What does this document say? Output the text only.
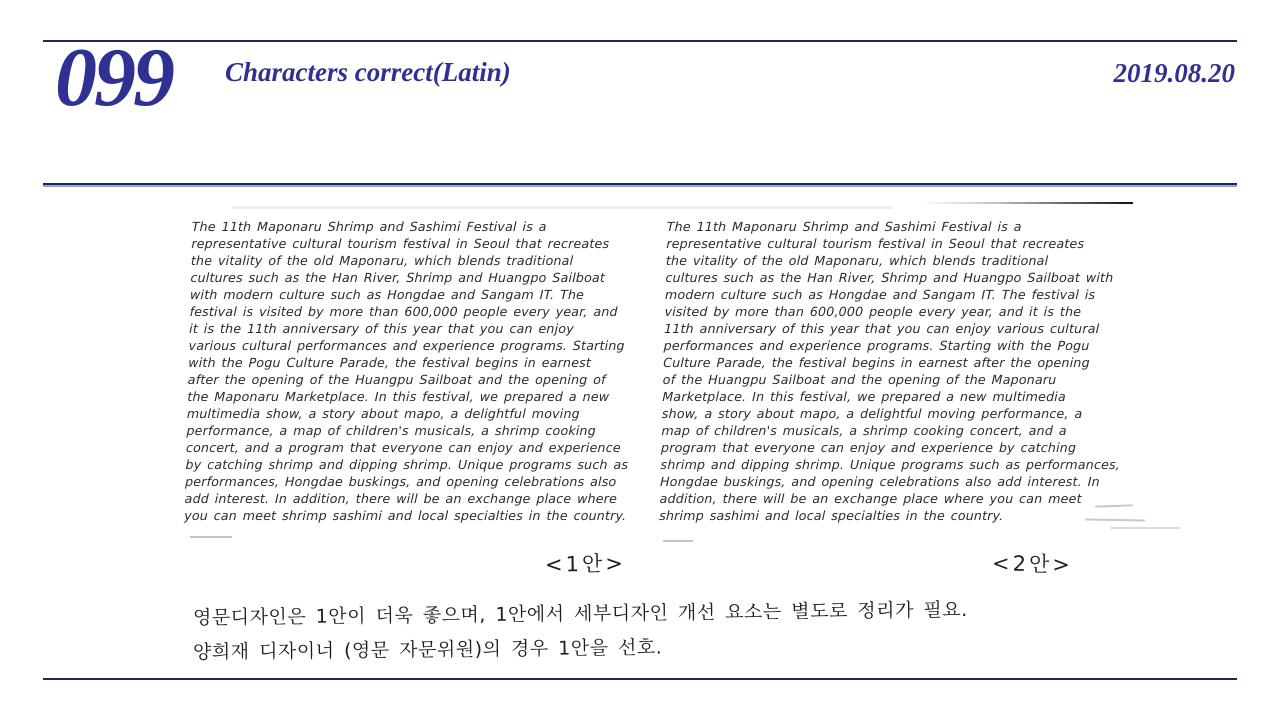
099 Characters correct(Latin)	2019.08.20
The 11th Maponaru Shrimp and Sashimi Festival is a
representative cultural tourism festival in Seoul that recreates
the vitality of the old Maponaru, which blends traditional
cultures such as the Han River, Shrimp and Huangpo Sailboat
with modern culture such as Hongdae and Sangam IT. The
festival is visited by more than 600,000 people every year, and
it is the 11th anniversary of this year that you can enjoy
various cultural performances and experience programs. Starting
with the Pogu Culture Parade, the festival begins in earnest
after the opening of the Huangpu Sailboat and the opening of
the Maponaru Marketplace. In this festival, we prepared a new
multimedia show, a story about mapo, a delightful moving
performance, a map of children's musicals, a shrimp cooking
concert, and a program that everyone can enjoy and experience
by catching shrimp and dipping shrimp. Unique programs such as
performances, Hongdae buskings, and opening celebrations also
add interest. In addition, there will be an exchange place where
you can meet shrimp sashimi and local specialties in the country.
The 11th Maponaru Shrimp and Sashimi Festival is a
representative cultural tourism festival in Seoul that recreates
the vitality of the old Maponaru, which blends traditional
cultures such as the Han River, Shrimp and Huangpo Sailboat with
modern culture such as Hongdae and Sangam IT. The festival is
visited by more than 600,000 people every year, and it is the
11th anniversary of this year that you can enjoy various cultural
performances and experience programs. Starting with the Pogu
Culture Parade, the festival begins in earnest after the opening
of the Huangpu Sailboat and the opening of the Maponaru
Marketplace. In this festival, we prepared a new multimedia
show, a story about mapo, a delightful moving performance, a
map of children's musicals, a shrimp cooking concert, and a
program that everyone can enjoy and experience by catching
shrimp and dipping shrimp. Unique programs such as performances,
Hongdae buskings, and opening celebrations also add interest. In
addition, there will be an exchange place where you can meet
shrimp sashimi and local specialties in the country.
<1안>	<2안>
영문디자인은 1안이 더욱 좋으며, 1안에서 세부디자인 개선 요소는 별도로 정리가 필요.
양희재 디자이너 (영문 자문위원)의 경우 1안을 선호.
